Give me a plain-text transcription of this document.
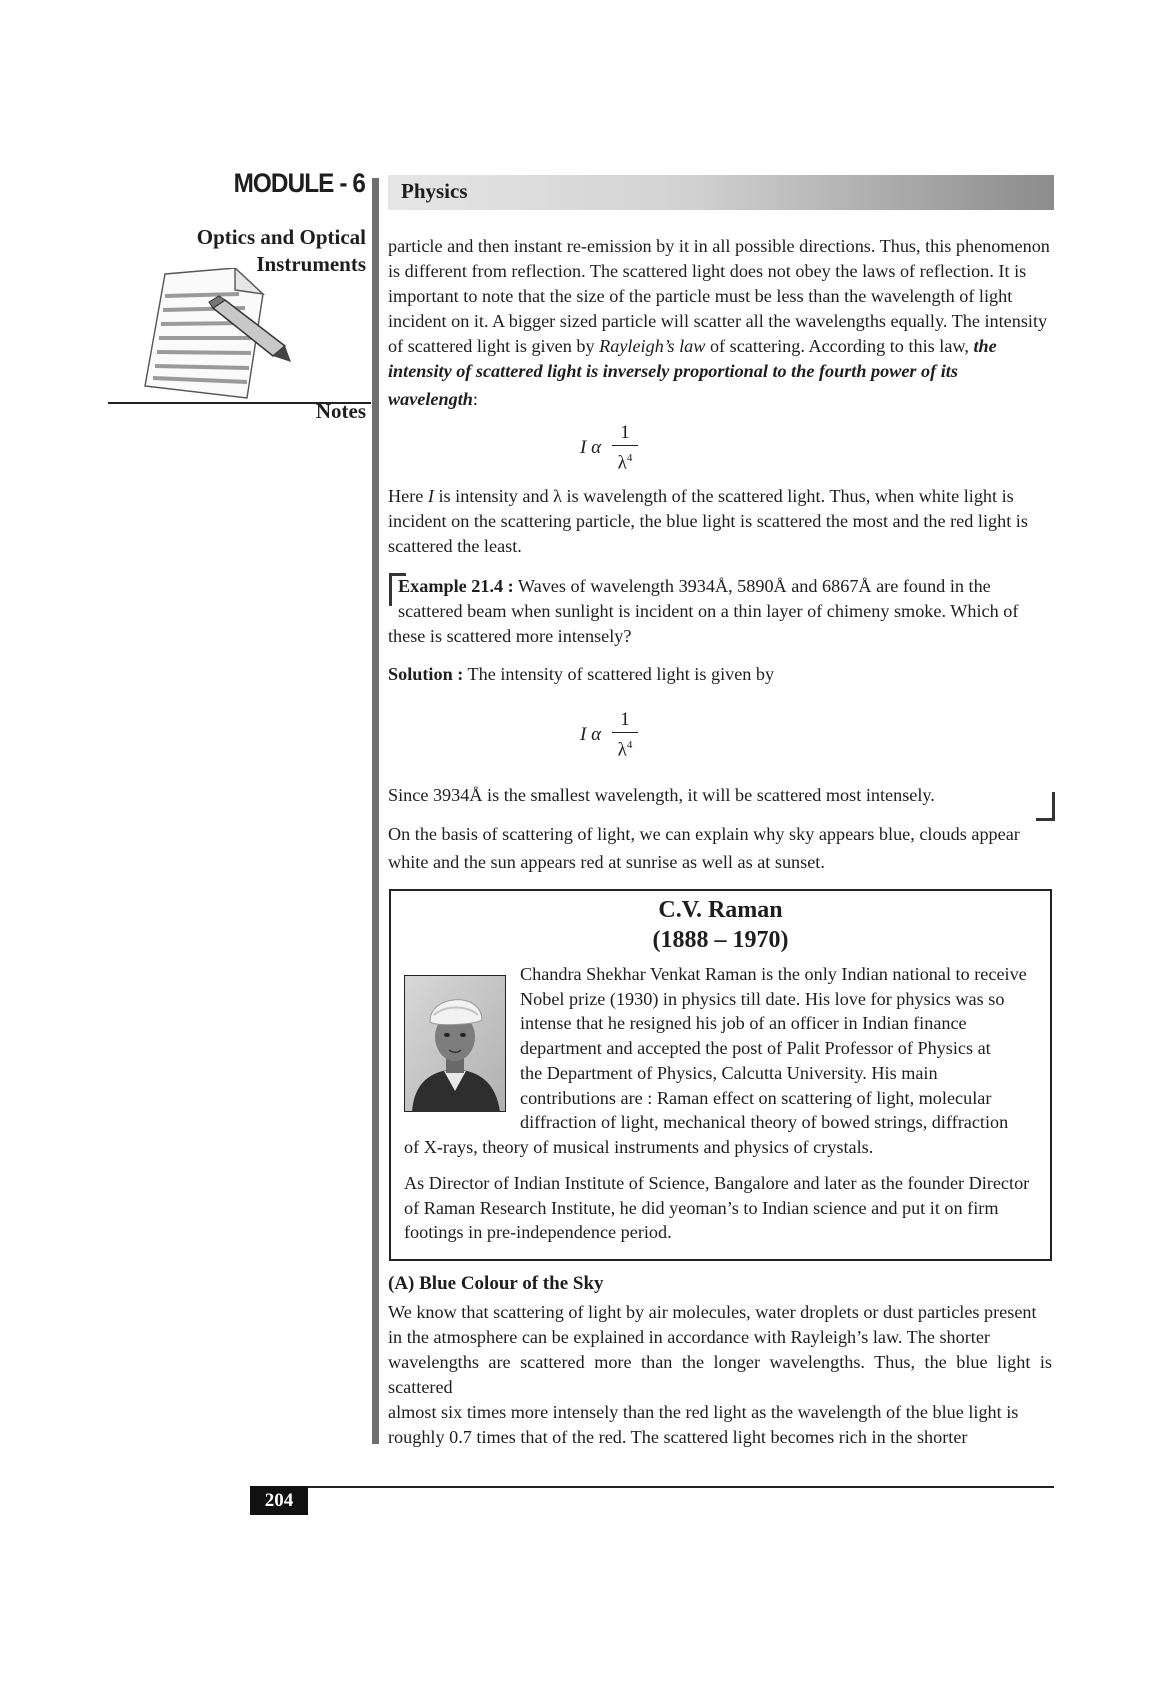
MODULE - 6
Optics and Optical
Instruments
Notes
Physics
particle and then instant re-emission by it in all possible directions. Thus, this phenomenon
is different from reflection. The scattered light does not obey the laws of reflection. It is
important to note that the size of the particle must be less than the wavelength of light
incident on it. A bigger sized particle will scatter all the wavelengths equally. The intensity
of scattered light is given by Rayleigh’s law of scattering. According to this law, the
intensity of scattered light is inversely proportional to the fourth power of its
wavelength:
I α
1
$\lambda^4$
Here I is intensity and λ is wavelength of the scattered light. Thus, when white light is
incident on the scattering particle, the blue light is scattered the most and the red light is
scattered the least.
Example 21.4 : Waves of wavelength 3934Å, 5890Å and 6867Å are found in the
scattered beam when sunlight is incident on a thin layer of chimeny smoke. Which of
these is scattered more intensely?
Solution : The intensity of scattered light is given by
I α
1
$\lambda^4$
Since 3934Å is the smallest wavelength, it will be scattered most intensely.
On the basis of scattering of light, we can explain why sky appears blue, clouds appear
white and the sun appears red at sunrise as well as at sunset.
C.V. Raman
(1888 – 1970)
Chandra Shekhar Venkat Raman is the only Indian national to receive
Nobel prize (1930) in physics till date. His love for physics was so
intense that he resigned his job of an officer in Indian finance
department and accepted the post of Palit Professor of Physics at
the Department of Physics, Calcutta University. His main
contributions are : Raman effect on scattering of light, molecular
diffraction of light, mechanical theory of bowed strings, diffraction
of X-rays, theory of musical instruments and physics of crystals.
As Director of Indian Institute of Science, Bangalore and later as the founder Director
of Raman Research Institute, he did yeoman’s to Indian science and put it on firm
footings in pre-independence period.
(A) Blue Colour of the Sky
We know that scattering of light by air molecules, water droplets or dust particles present
in the atmosphere can be explained in accordance with Rayleigh’s law. The shorter
wavelengths are scattered more than the longer wavelengths. Thus, the blue light is scattered
almost six times more intensely than the red light as the wavelength of the blue light is
roughly 0.7 times that of the red. The scattered light becomes rich in the shorter
204
